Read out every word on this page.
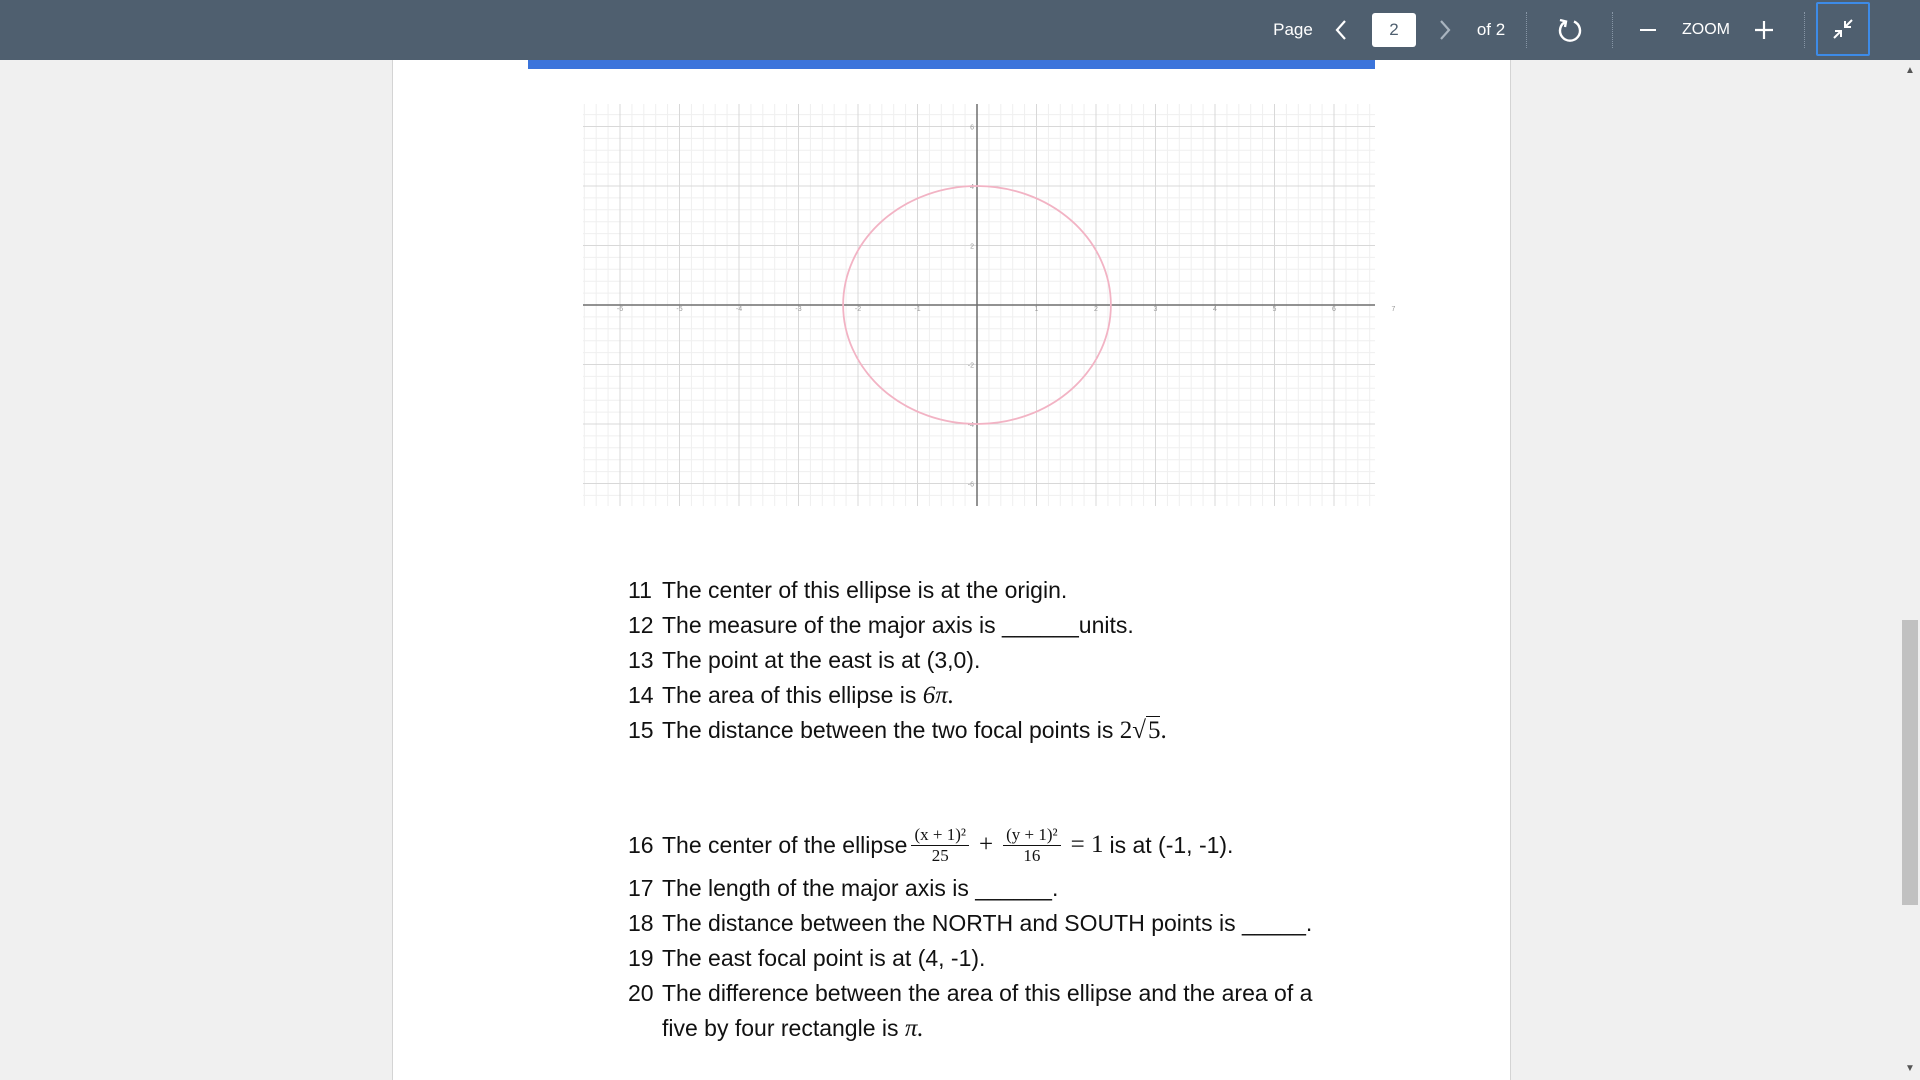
Page	2	of 2	ZOOM
-6	-5	-4	-3	-2	-1	1	2	3	4	5	6	7
6
4
2
-2
-4
-6
11 The center of this ellipse is at the origin.
12 The measure of the major axis is ______units.
13 The point at the east is at (3,0).
14 The area of this ellipse is 6π.
15 The distance between the two focal points is 2√5.
16 The center of the ellipse $\frac{\text{(x + 1)²}}{25} + \frac{\text{(y + 1)²}}{16} = 1$ is at (-1, -1).
17 The length of the major axis is ______.
18 The distance between the NORTH and SOUTH points is _____.
19 The east focal point is at (4, -1).
20 The difference between the area of this ellipse and the area of a
five by four rectangle is π.
▲
▼
